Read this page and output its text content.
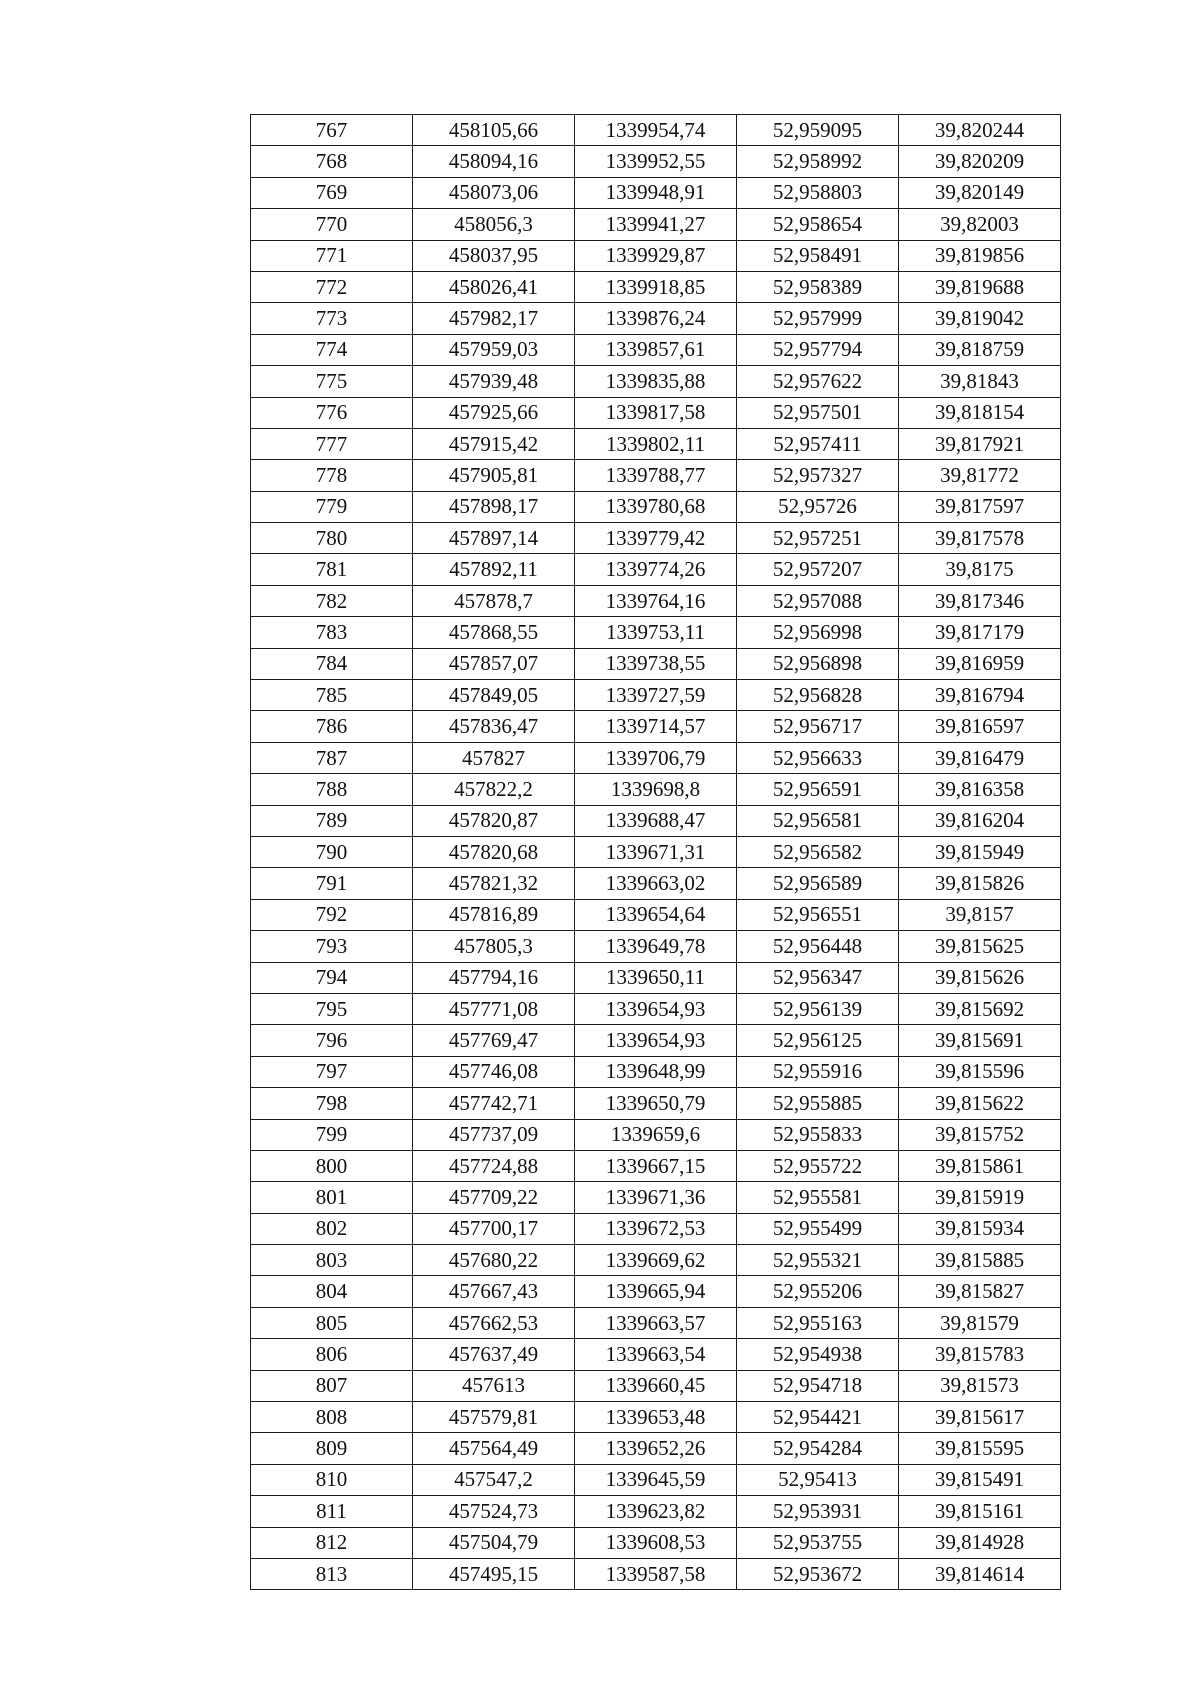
767	458105,66	1339954,74	52,959095	39,820244
768	458094,16	1339952,55	52,958992	39,820209
769	458073,06	1339948,91	52,958803	39,820149
770	458056,3	1339941,27	52,958654	39,82003
771	458037,95	1339929,87	52,958491	39,819856
772	458026,41	1339918,85	52,958389	39,819688
773	457982,17	1339876,24	52,957999	39,819042
774	457959,03	1339857,61	52,957794	39,818759
775	457939,48	1339835,88	52,957622	39,81843
776	457925,66	1339817,58	52,957501	39,818154
777	457915,42	1339802,11	52,957411	39,817921
778	457905,81	1339788,77	52,957327	39,81772
779	457898,17	1339780,68	52,95726	39,817597
780	457897,14	1339779,42	52,957251	39,817578
781	457892,11	1339774,26	52,957207	39,8175
782	457878,7	1339764,16	52,957088	39,817346
783	457868,55	1339753,11	52,956998	39,817179
784	457857,07	1339738,55	52,956898	39,816959
785	457849,05	1339727,59	52,956828	39,816794
786	457836,47	1339714,57	52,956717	39,816597
787	457827	1339706,79	52,956633	39,816479
788	457822,2	1339698,8	52,956591	39,816358
789	457820,87	1339688,47	52,956581	39,816204
790	457820,68	1339671,31	52,956582	39,815949
791	457821,32	1339663,02	52,956589	39,815826
792	457816,89	1339654,64	52,956551	39,8157
793	457805,3	1339649,78	52,956448	39,815625
794	457794,16	1339650,11	52,956347	39,815626
795	457771,08	1339654,93	52,956139	39,815692
796	457769,47	1339654,93	52,956125	39,815691
797	457746,08	1339648,99	52,955916	39,815596
798	457742,71	1339650,79	52,955885	39,815622
799	457737,09	1339659,6	52,955833	39,815752
800	457724,88	1339667,15	52,955722	39,815861
801	457709,22	1339671,36	52,955581	39,815919
802	457700,17	1339672,53	52,955499	39,815934
803	457680,22	1339669,62	52,955321	39,815885
804	457667,43	1339665,94	52,955206	39,815827
805	457662,53	1339663,57	52,955163	39,81579
806	457637,49	1339663,54	52,954938	39,815783
807	457613	1339660,45	52,954718	39,81573
808	457579,81	1339653,48	52,954421	39,815617
809	457564,49	1339652,26	52,954284	39,815595
810	457547,2	1339645,59	52,95413	39,815491
811	457524,73	1339623,82	52,953931	39,815161
812	457504,79	1339608,53	52,953755	39,814928
813	457495,15	1339587,58	52,953672	39,814614
